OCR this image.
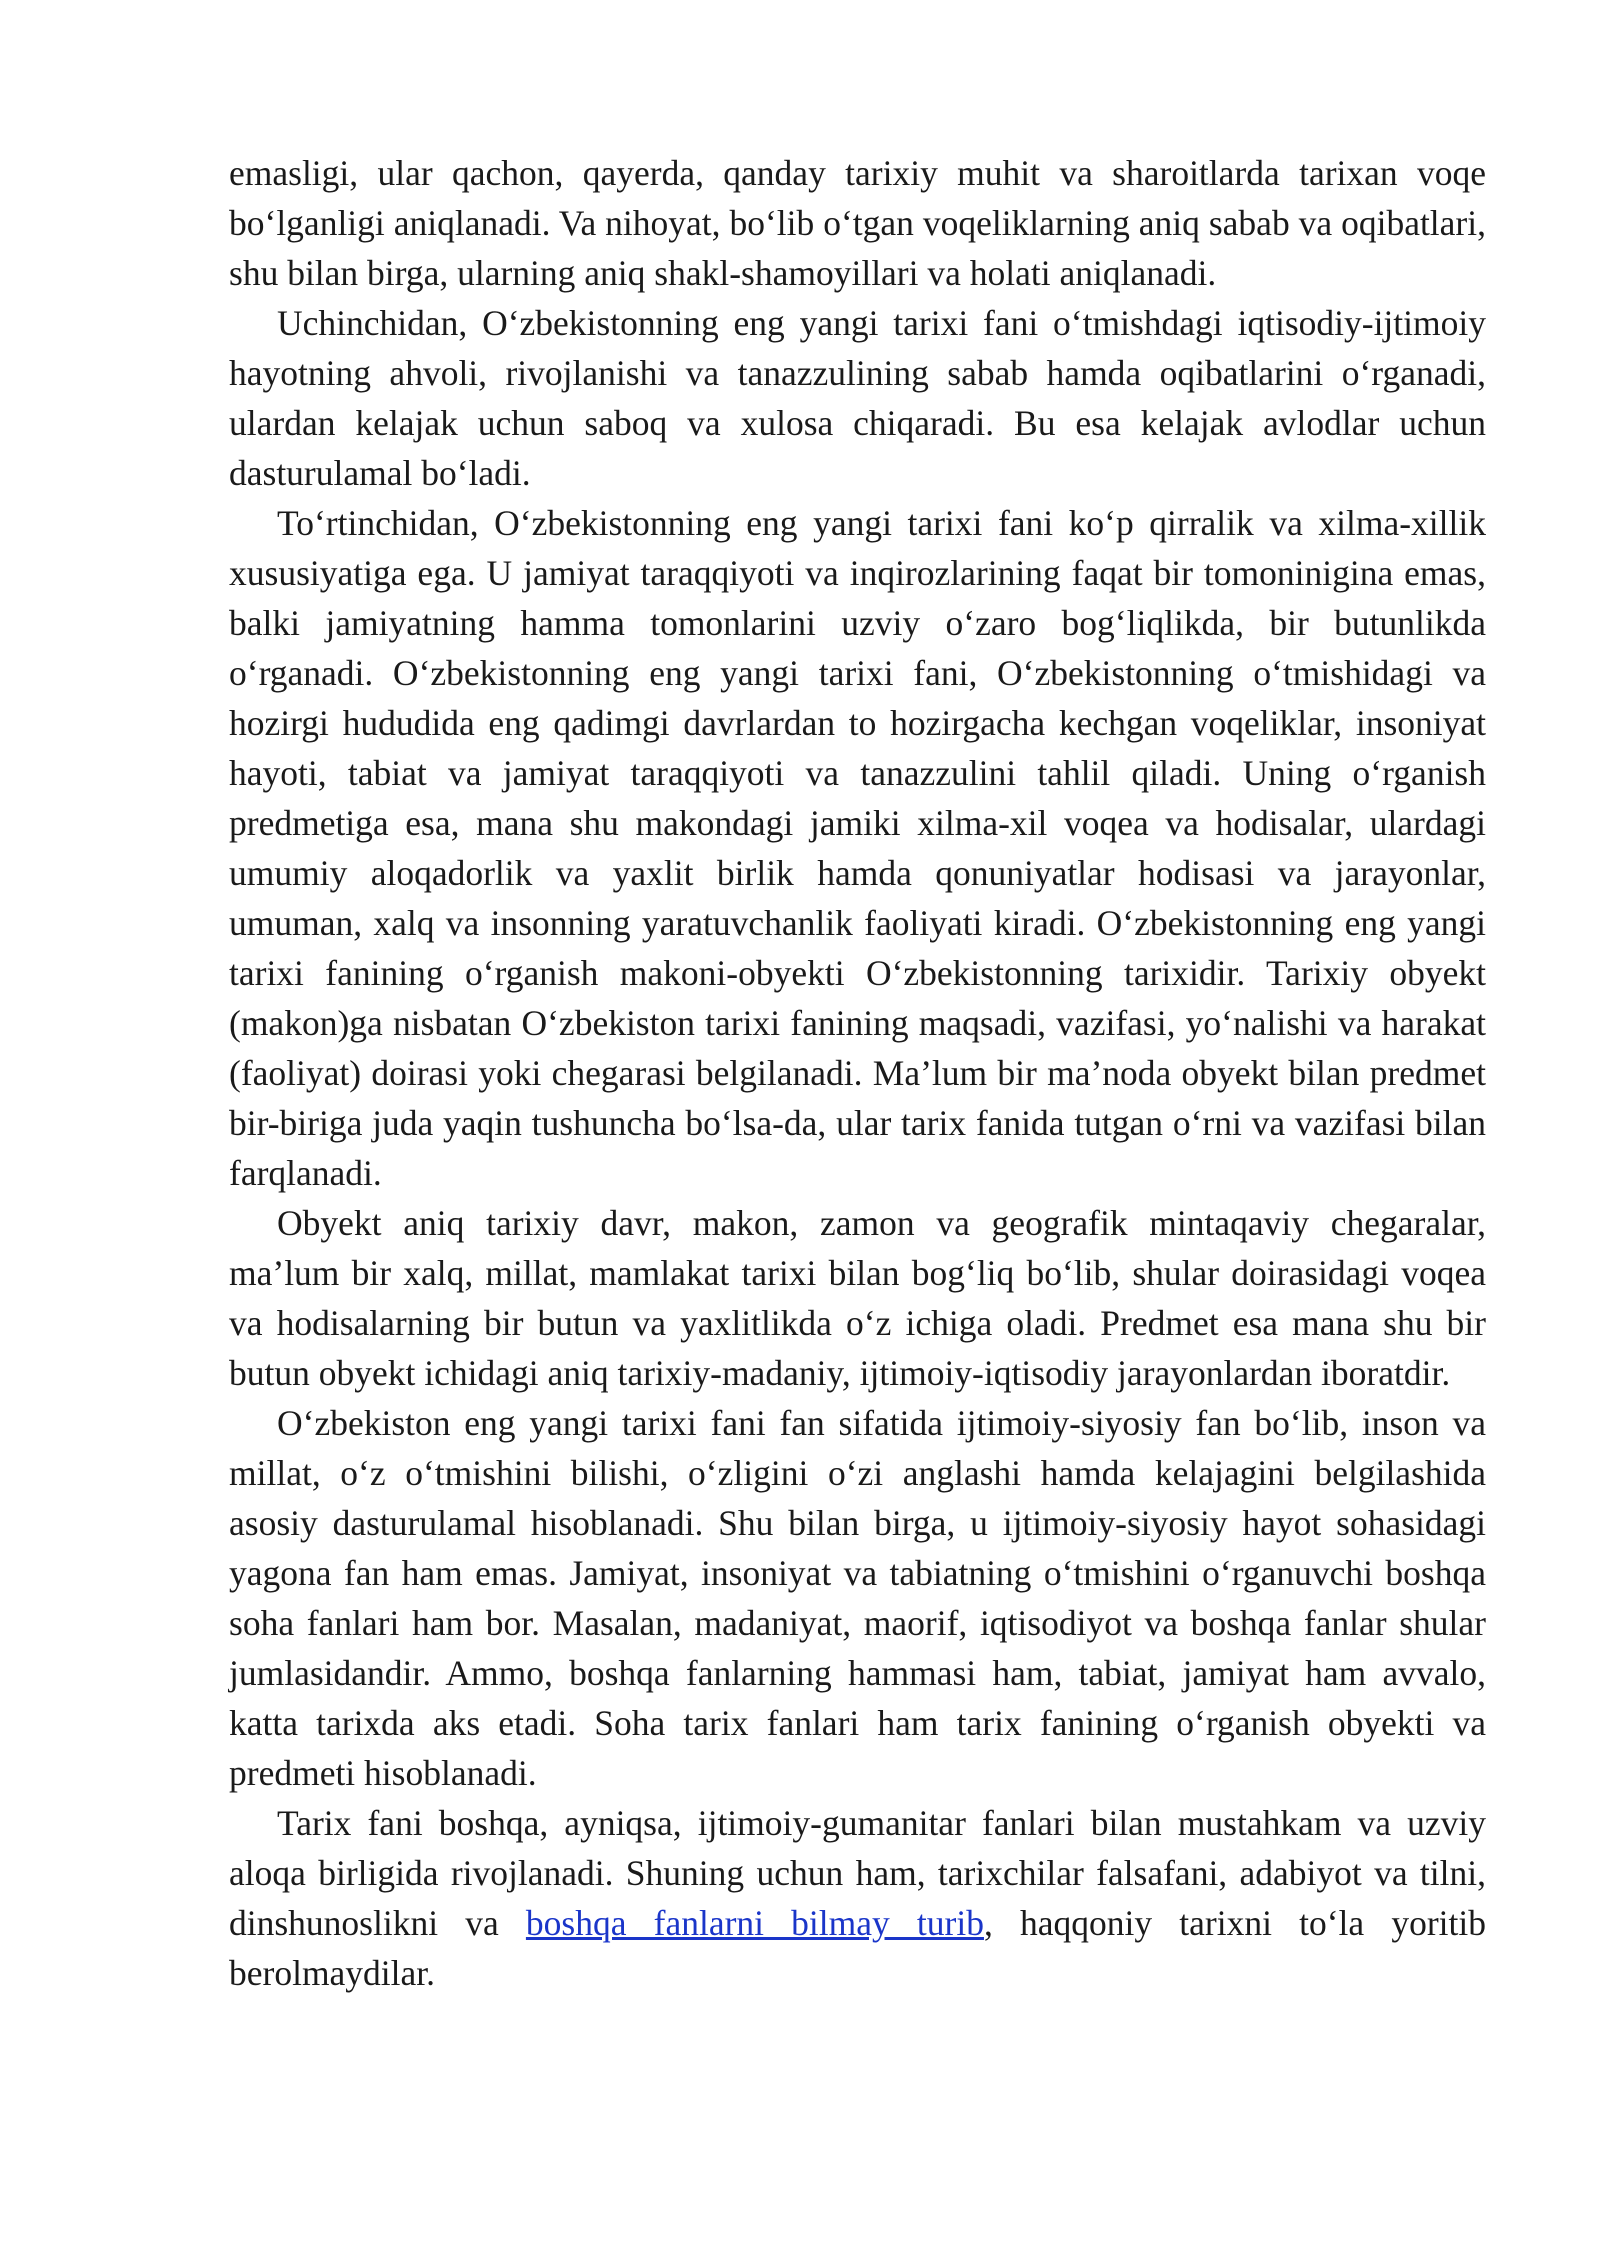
emasligi, ular qachon, qayerda, qanday tarixiy muhit va sharoitlarda tarixan voqe boʻlganligi aniqlanadi. Va nihoyat, boʻlib oʻtgan voqeliklarning aniq sabab va oqibatlari, shu bilan birga, ularning aniq shakl-shamoyillari va holati aniqlanadi.

Uchinchidan, Oʻzbekistonning eng yangi tarixi fani oʻtmishdagi iqtisodiy-ijtimoiy hayotning ahvoli, rivojlanishi va tanazzulining sabab hamda oqibatlarini oʻrganadi, ulardan kelajak uchun saboq va xulosa chiqaradi. Bu esa kelajak avlodlar uchun dasturulamal boʻladi.

Toʻrtinchidan, Oʻzbekistonning eng yangi tarixi fani koʻp qirralik va xilma-xillik xususiyatiga ega. U jamiyat taraqqiyoti va inqirozlarining faqat bir tomoninigina emas, balki jamiyatning hamma tomonlarini uzviy oʻzaro bogʻliqlikda, bir butunlikda oʻrganadi. Oʻzbekistonning eng yangi tarixi fani, Oʻzbekistonning oʻtmishidagi va hozirgi hududida eng qadimgi davrlardan to hozirgacha kechgan voqeliklar, insoniyat hayoti, tabiat va jamiyat taraqqiyoti va tanazzulini tahlil qiladi. Uning oʻrganish predmetiga esa, mana shu makondagi jamiki xilma-xil voqea va hodisalar, ulardagi umumiy aloqadorlik va yaxlit birlik hamda qonuniyatlar hodisasi va jarayonlar, umuman, xalq va insonning yaratuvchanlik faoliyati kiradi. Oʻzbekistonning eng yangi tarixi fanining oʻrganish makoni-obyekti Oʻzbekistonning tarixidir. Tarixiy obyekt (makon)ga nisbatan Oʻzbekiston tarixi fanining maqsadi, vazifasi, yoʻnalishi va harakat (faoliyat) doirasi yoki chegarasi belgilanadi. Ma’lum bir ma’noda obyekt bilan predmet bir-biriga juda yaqin tushuncha boʻlsa-da, ular tarix fanida tutgan oʻrni va vazifasi bilan farqlanadi.

Obyekt aniq tarixiy davr, makon, zamon va geografik mintaqaviy chegaralar, ma’lum bir xalq, millat, mamlakat tarixi bilan bogʻliq boʻlib, shular doirasidagi voqea va hodisalarning bir butun va yaxlitlikda oʻz ichiga oladi. Predmet esa mana shu bir butun obyekt ichidagi aniq tarixiy-madaniy, ijtimoiy-iqtisodiy jarayonlardan iboratdir.

Oʻzbekiston eng yangi tarixi fani fan sifatida ijtimoiy-siyosiy fan boʻlib, inson va millat, oʻz oʻtmishini bilishi, oʻzligini oʻzi anglashi hamda kelajagini belgilashida asosiy dasturulamal hisoblanadi. Shu bilan birga, u ijtimoiy-siyosiy hayot sohasidagi yagona fan ham emas. Jamiyat, insoniyat va tabiatning oʻtmishini oʻrganuvchi boshqa soha fanlari ham bor. Masalan, madaniyat, maorif, iqtisodiyot va boshqa fanlar shular jumlasidandir. Ammo, boshqa fanlarning hammasi ham, tabiat, jamiyat ham avvalo, katta tarixda aks etadi. Soha tarix fanlari ham tarix fanining oʻrganish obyekti va predmeti hisoblanadi.

Tarix fani boshqa, ayniqsa, ijtimoiy-gumanitar fanlari bilan mustahkam va uzviy aloqa birligida rivojlanadi. Shuning uchun ham, tarixchilar falsafani, adabiyot va tilni, dinshunoslikni va boshqa fanlarni bilmay turib, haqqoniy tarixni toʻla yoritib berolmaydilar.
